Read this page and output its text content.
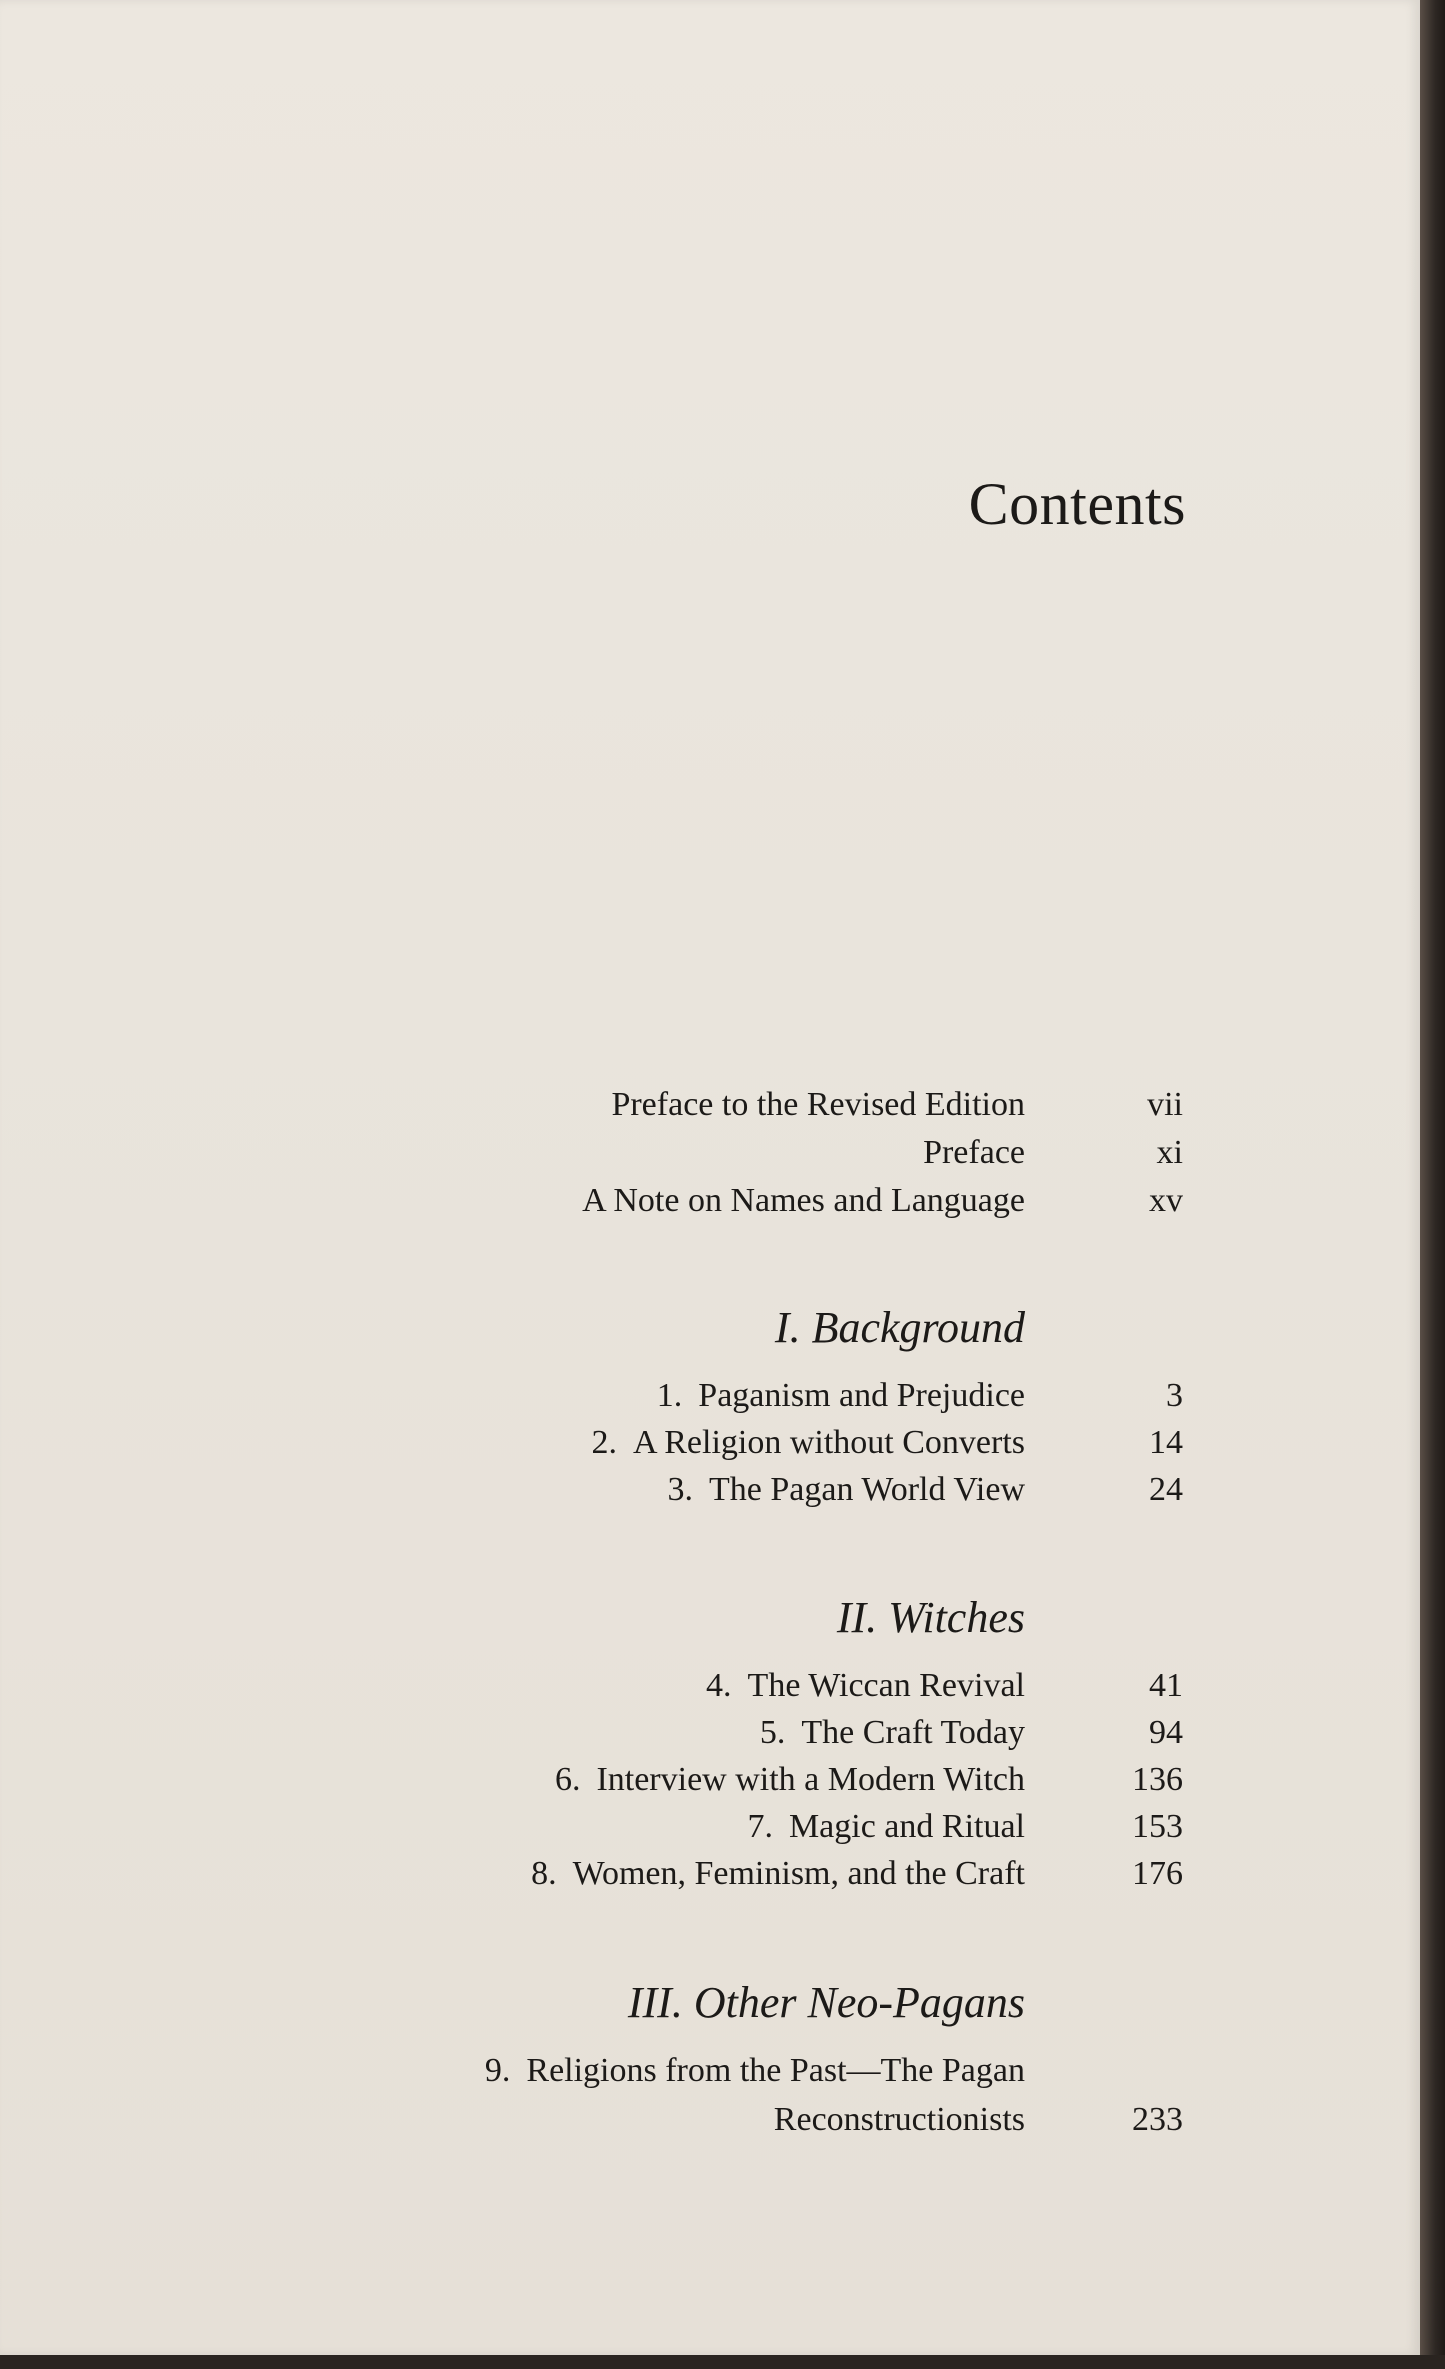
Contents
Preface to the Revised Edition	vii
Preface	xi
A Note on Names and Language	xv
I. Background
1. Paganism and Prejudice	3
2. A Religion without Converts	14
3. The Pagan World View	24
II. Witches
4. The Wiccan Revival	41
5. The Craft Today	94
6. Interview with a Modern Witch	136
7. Magic and Ritual	153
8. Women, Feminism, and the Craft	176
III. Other Neo-Pagans
9. Religions from the Past—The Pagan
Reconstructionists	233
